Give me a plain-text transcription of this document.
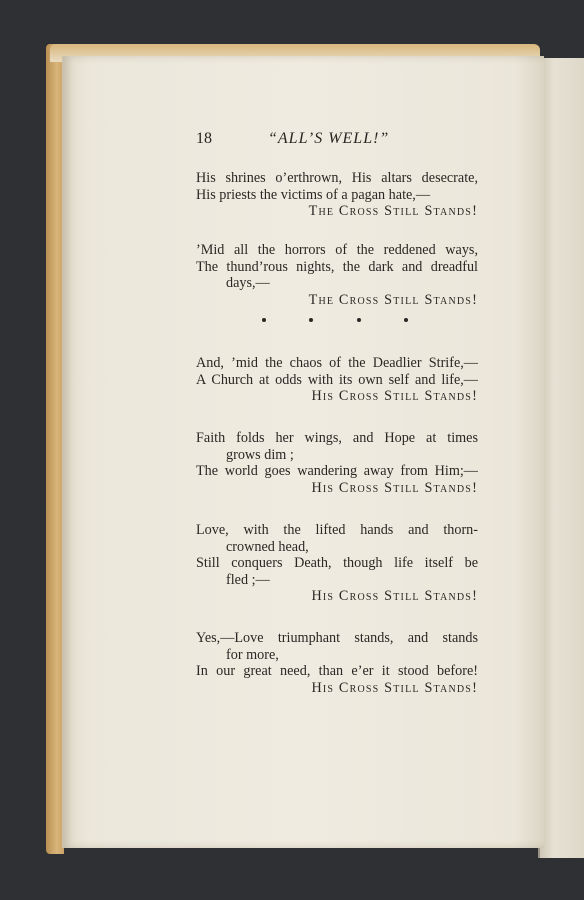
18	“ALL’S WELL!”
His shrines o’erthrown, His altars desecrate,
His priests the victims of a pagan hate,—
The Cross Still Stands!
’Mid all the horrors of the reddened ways,
The thund’rous nights, the dark and dreadful
days,—
The Cross Still Stands!
And, ’mid the chaos of the Deadlier Strife,—
A Church at odds with its own self and life,—
His Cross Still Stands!
Faith folds her wings, and Hope at times
grows dim ;
The world goes wandering away from Him;—
His Cross Still Stands!
Love, with the lifted hands and thorn-
crowned head,
Still conquers Death, though life itself be
fled ;—
His Cross Still Stands!
Yes,—Love triumphant stands, and stands
for more,
In our great need, than e’er it stood before!
His Cross Still Stands!
